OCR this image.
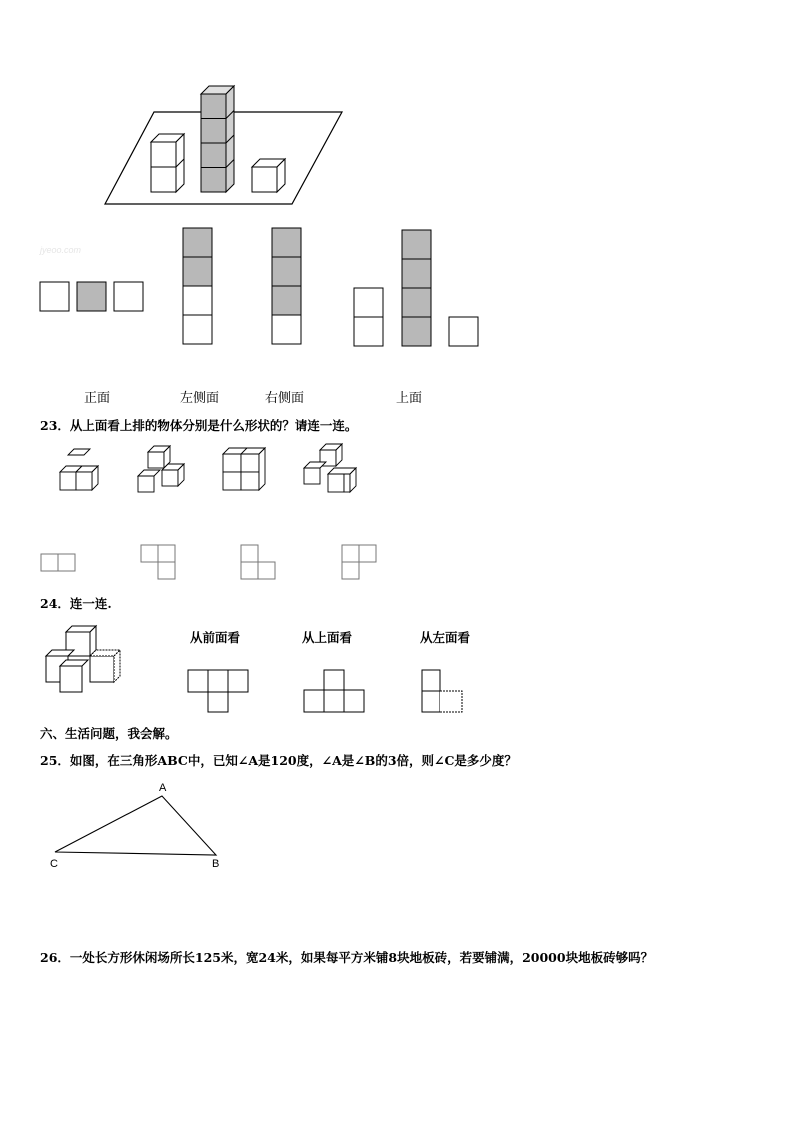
jyeoo.com
正面	左侧面	右侧面	上面
23．从上面看上排的物体分别是什么形状的？请连一连。
24．连一连.
从前面看	从上面看	从左面看
六、生活问题，我会解。
25．如图，在三角形ABC中，已知∠A是120度，∠A是∠B的3倍，则∠C是多少度？
A
C	B
26．一处长方形休闲场所长125米，宽24米，如果每平方米铺8块地板砖，若要铺满，20000块地板砖够吗？
